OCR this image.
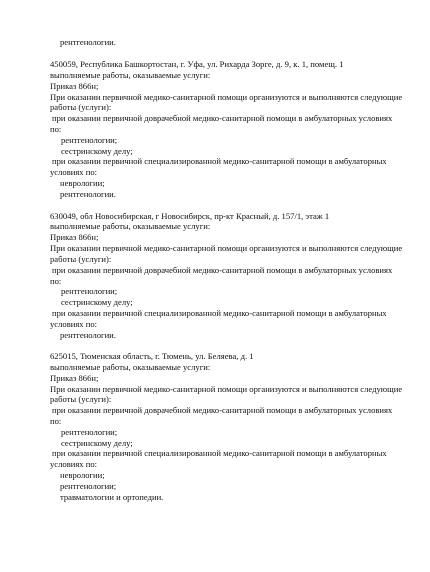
рентгенологии.
450059, Республика Башкортостан, г. Уфа, ул. Рихарда Зорге, д. 9, к. 1, помещ. 1
выполняемые работы, оказываемые услуги:
Приказ 866н;
При оказании первичной медико-санитарной помощи организуются и выполняются следующие
работы (услуги):
при оказании первичной доврачебной медико-санитарной помощи в амбулаторных условиях
по:
рентгенологии;
сестринскому делу;
при оказании первичной специализированной медико-санитарной помощи в амбулаторных
условиях по:
неврологии;
рентгенологии.
630049, обл Новосибирская, г Новосибирск, пр-кт Красный, д. 157/1, этаж 1
выполняемые работы, оказываемые услуги:
Приказ 866н;
При оказании первичной медико-санитарной помощи организуются и выполняются следующие
работы (услуги):
при оказании первичной доврачебной медико-санитарной помощи в амбулаторных условиях
по:
рентгенологии;
сестринскому делу;
при оказании первичной специализированной медико-санитарной помощи в амбулаторных
условиях по:
рентгенологии.
625015, Тюменская область, г. Тюмень, ул. Беляева, д. 1
выполняемые работы, оказываемые услуги:
Приказ 866н;
При оказании первичной медико-санитарной помощи организуются и выполняются следующие
работы (услуги):
при оказании первичной доврачебной медико-санитарной помощи в амбулаторных условиях
по:
рентгенологии;
сестринскому делу;
при оказании первичной специализированной медико-санитарной помощи в амбулаторных
условиях по:
неврологии;
рентгенологии;
травматологии и ортопедии.
